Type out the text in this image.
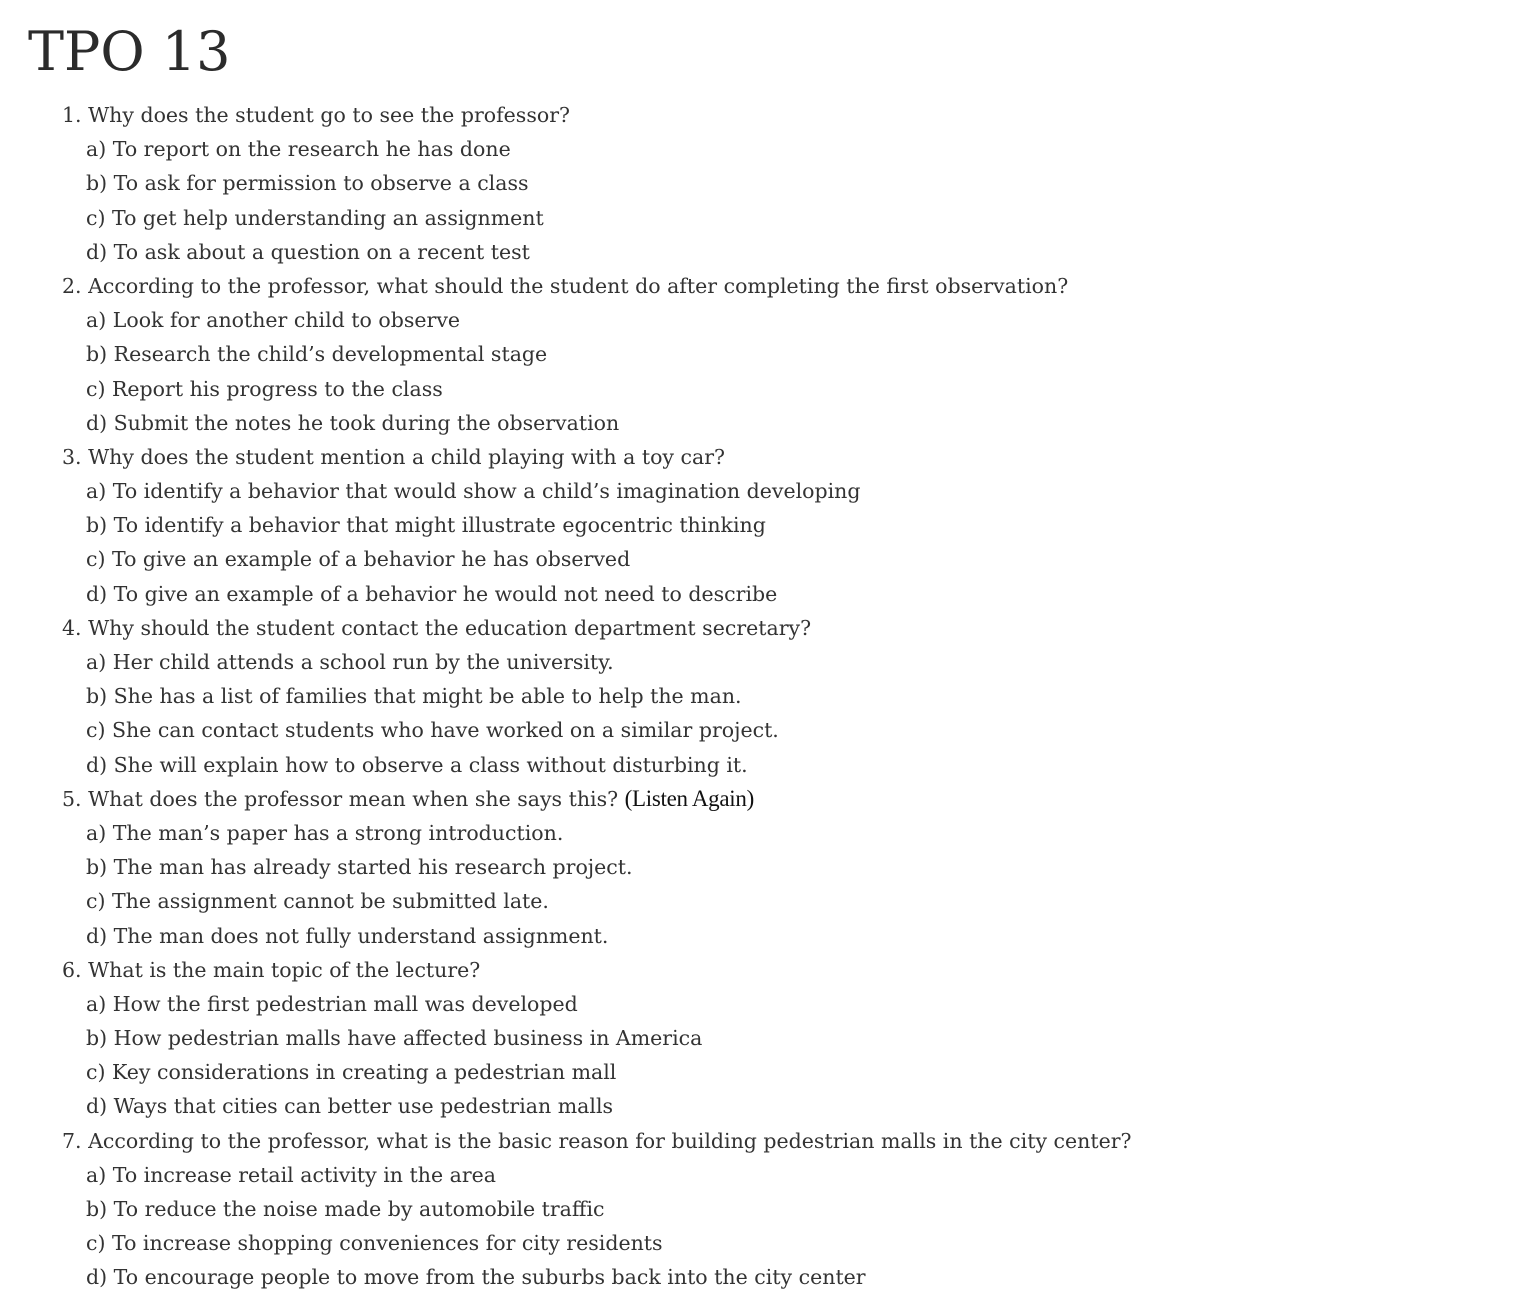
TPO 13
1. Why does the student go to see the professor?
a) To report on the research he has done
b) To ask for permission to observe a class
c) To get help understanding an assignment
d) To ask about a question on a recent test
2. According to the professor, what should the student do after completing the first observation?
a) Look for another child to observe
b) Research the child’s developmental stage
c) Report his progress to the class
d) Submit the notes he took during the observation
3. Why does the student mention a child playing with a toy car?
a) To identify a behavior that would show a child’s imagination developing
b) To identify a behavior that might illustrate egocentric thinking
c) To give an example of a behavior he has observed
d) To give an example of a behavior he would not need to describe
4. Why should the student contact the education department secretary?
a) Her child attends a school run by the university.
b) She has a list of families that might be able to help the man.
c) She can contact students who have worked on a similar project.
d) She will explain how to observe a class without disturbing it.
5. What does the professor mean when she says this? (Listen Again)
a) The man’s paper has a strong introduction.
b) The man has already started his research project.
c) The assignment cannot be submitted late.
d) The man does not fully understand assignment.
6. What is the main topic of the lecture?
a) How the first pedestrian mall was developed
b) How pedestrian malls have affected business in America
c) Key considerations in creating a pedestrian mall
d) Ways that cities can better use pedestrian malls
7. According to the professor, what is the basic reason for building pedestrian malls in the city center?
a) To increase retail activity in the area
b) To reduce the noise made by automobile traffic
c) To increase shopping conveniences for city residents
d) To encourage people to move from the suburbs back into the city center
